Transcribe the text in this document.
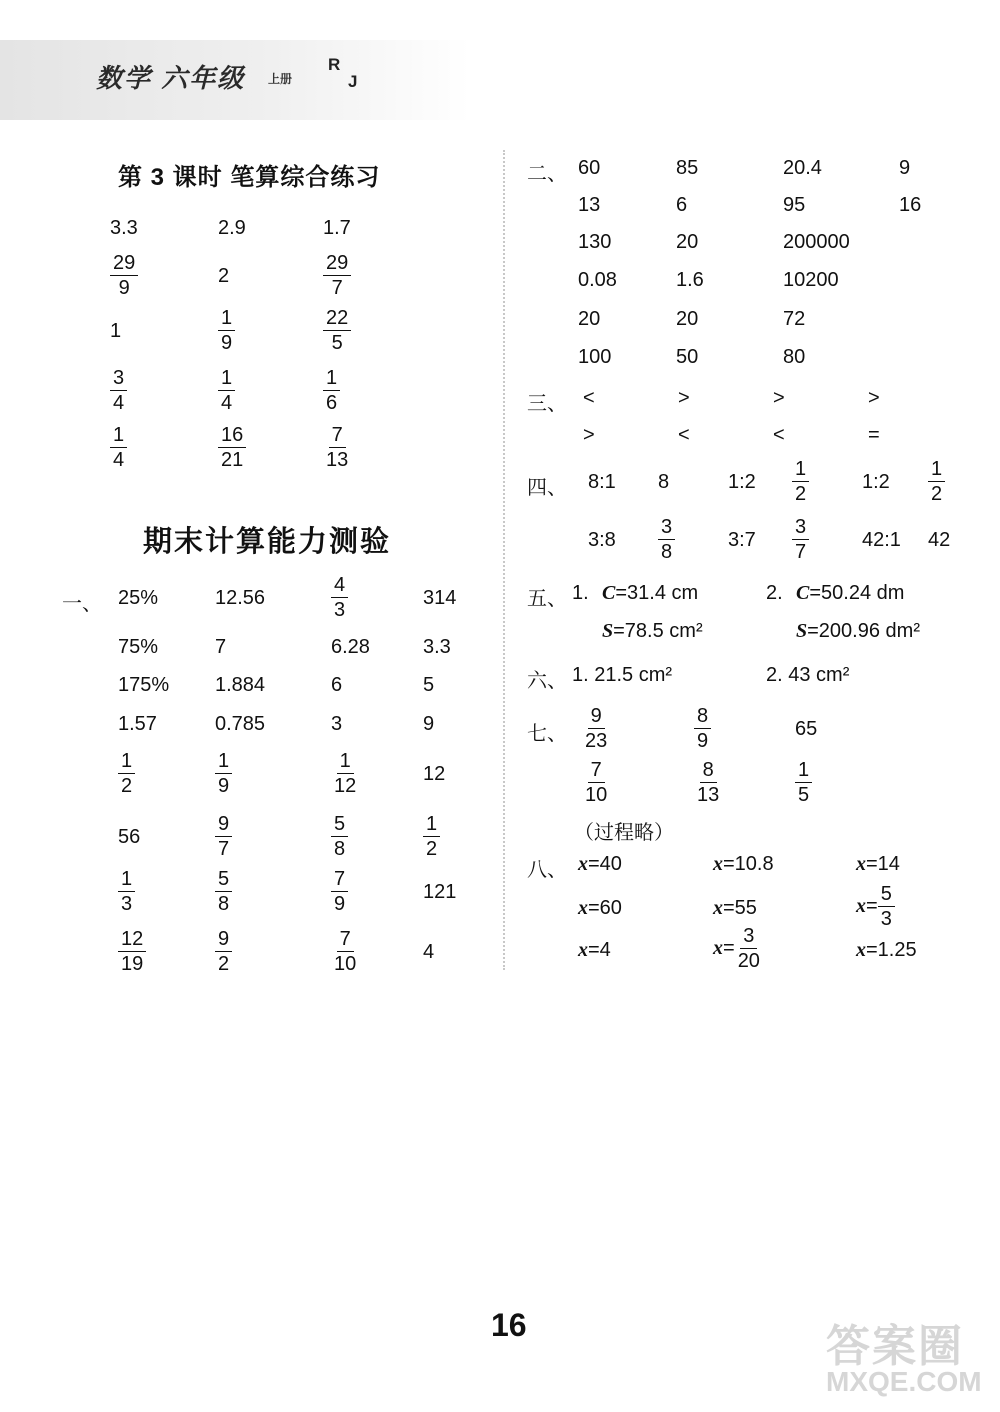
数学 六年级 上册
R
J
第 3 课时 笔算综合练习
期末计算能力测验
3.3	2.9	1.7
$\frac{29}{9}$	2	$\frac{29}{7}$
1	$\frac{1}{9}$	$\frac{22}{5}$
$\frac{3}{4}$	$\frac{1}{4}$	$\frac{1}{6}$
$\frac{1}{4}$	$\frac{16}{21}$	$\frac{7}{13}$
一、 25%	12.56	$\frac{4}{3}$	314
75%	7	6.28	3.3
175% 1.884	6	5
1.57	0.785	3	9
$\frac{1}{2}$	$\frac{1}{9}$	$\frac{1}{12}$	12
56	$\frac{9}{7}$	$\frac{5}{8}$	$\frac{1}{2}$
$\frac{1}{3}$	$\frac{5}{8}$	$\frac{7}{9}$	121
$\frac{12}{19}$	$\frac{9}{2}$	$\frac{7}{10}$	4
二、 60	85	20.4	9
13	6	95	16
130	20	200000
0.08	1.6	10200
20	20	72
100	50	80
三、 <	>	>	>
>	<	<	=
四、 8:1 8	1:2 $\frac{1}{2}$	1:2 $\frac{1}{2}$
3:8 $\frac{3}{8}$	3:7 $\frac{3}{7}$	42:1 42
五、 1. C=31.4 cm
S=78.5 cm²
2. C=50.24 dm
S=200.96 dm²
六、 1. 21.5 cm²	2. 43 cm²
七、 $\frac{9}{23}$	$\frac{8}{9}$	65
$\frac{7}{10}$	$\frac{8}{13}$	$\frac{1}{5}$
（过程略）
八、 x=40	x=10.8	x=14
x=60	x=55	$x= \frac{5}{3}$
x=4	$x= \frac{3}{20}$	x=1.25
16	答案圈
MXQE.COM
